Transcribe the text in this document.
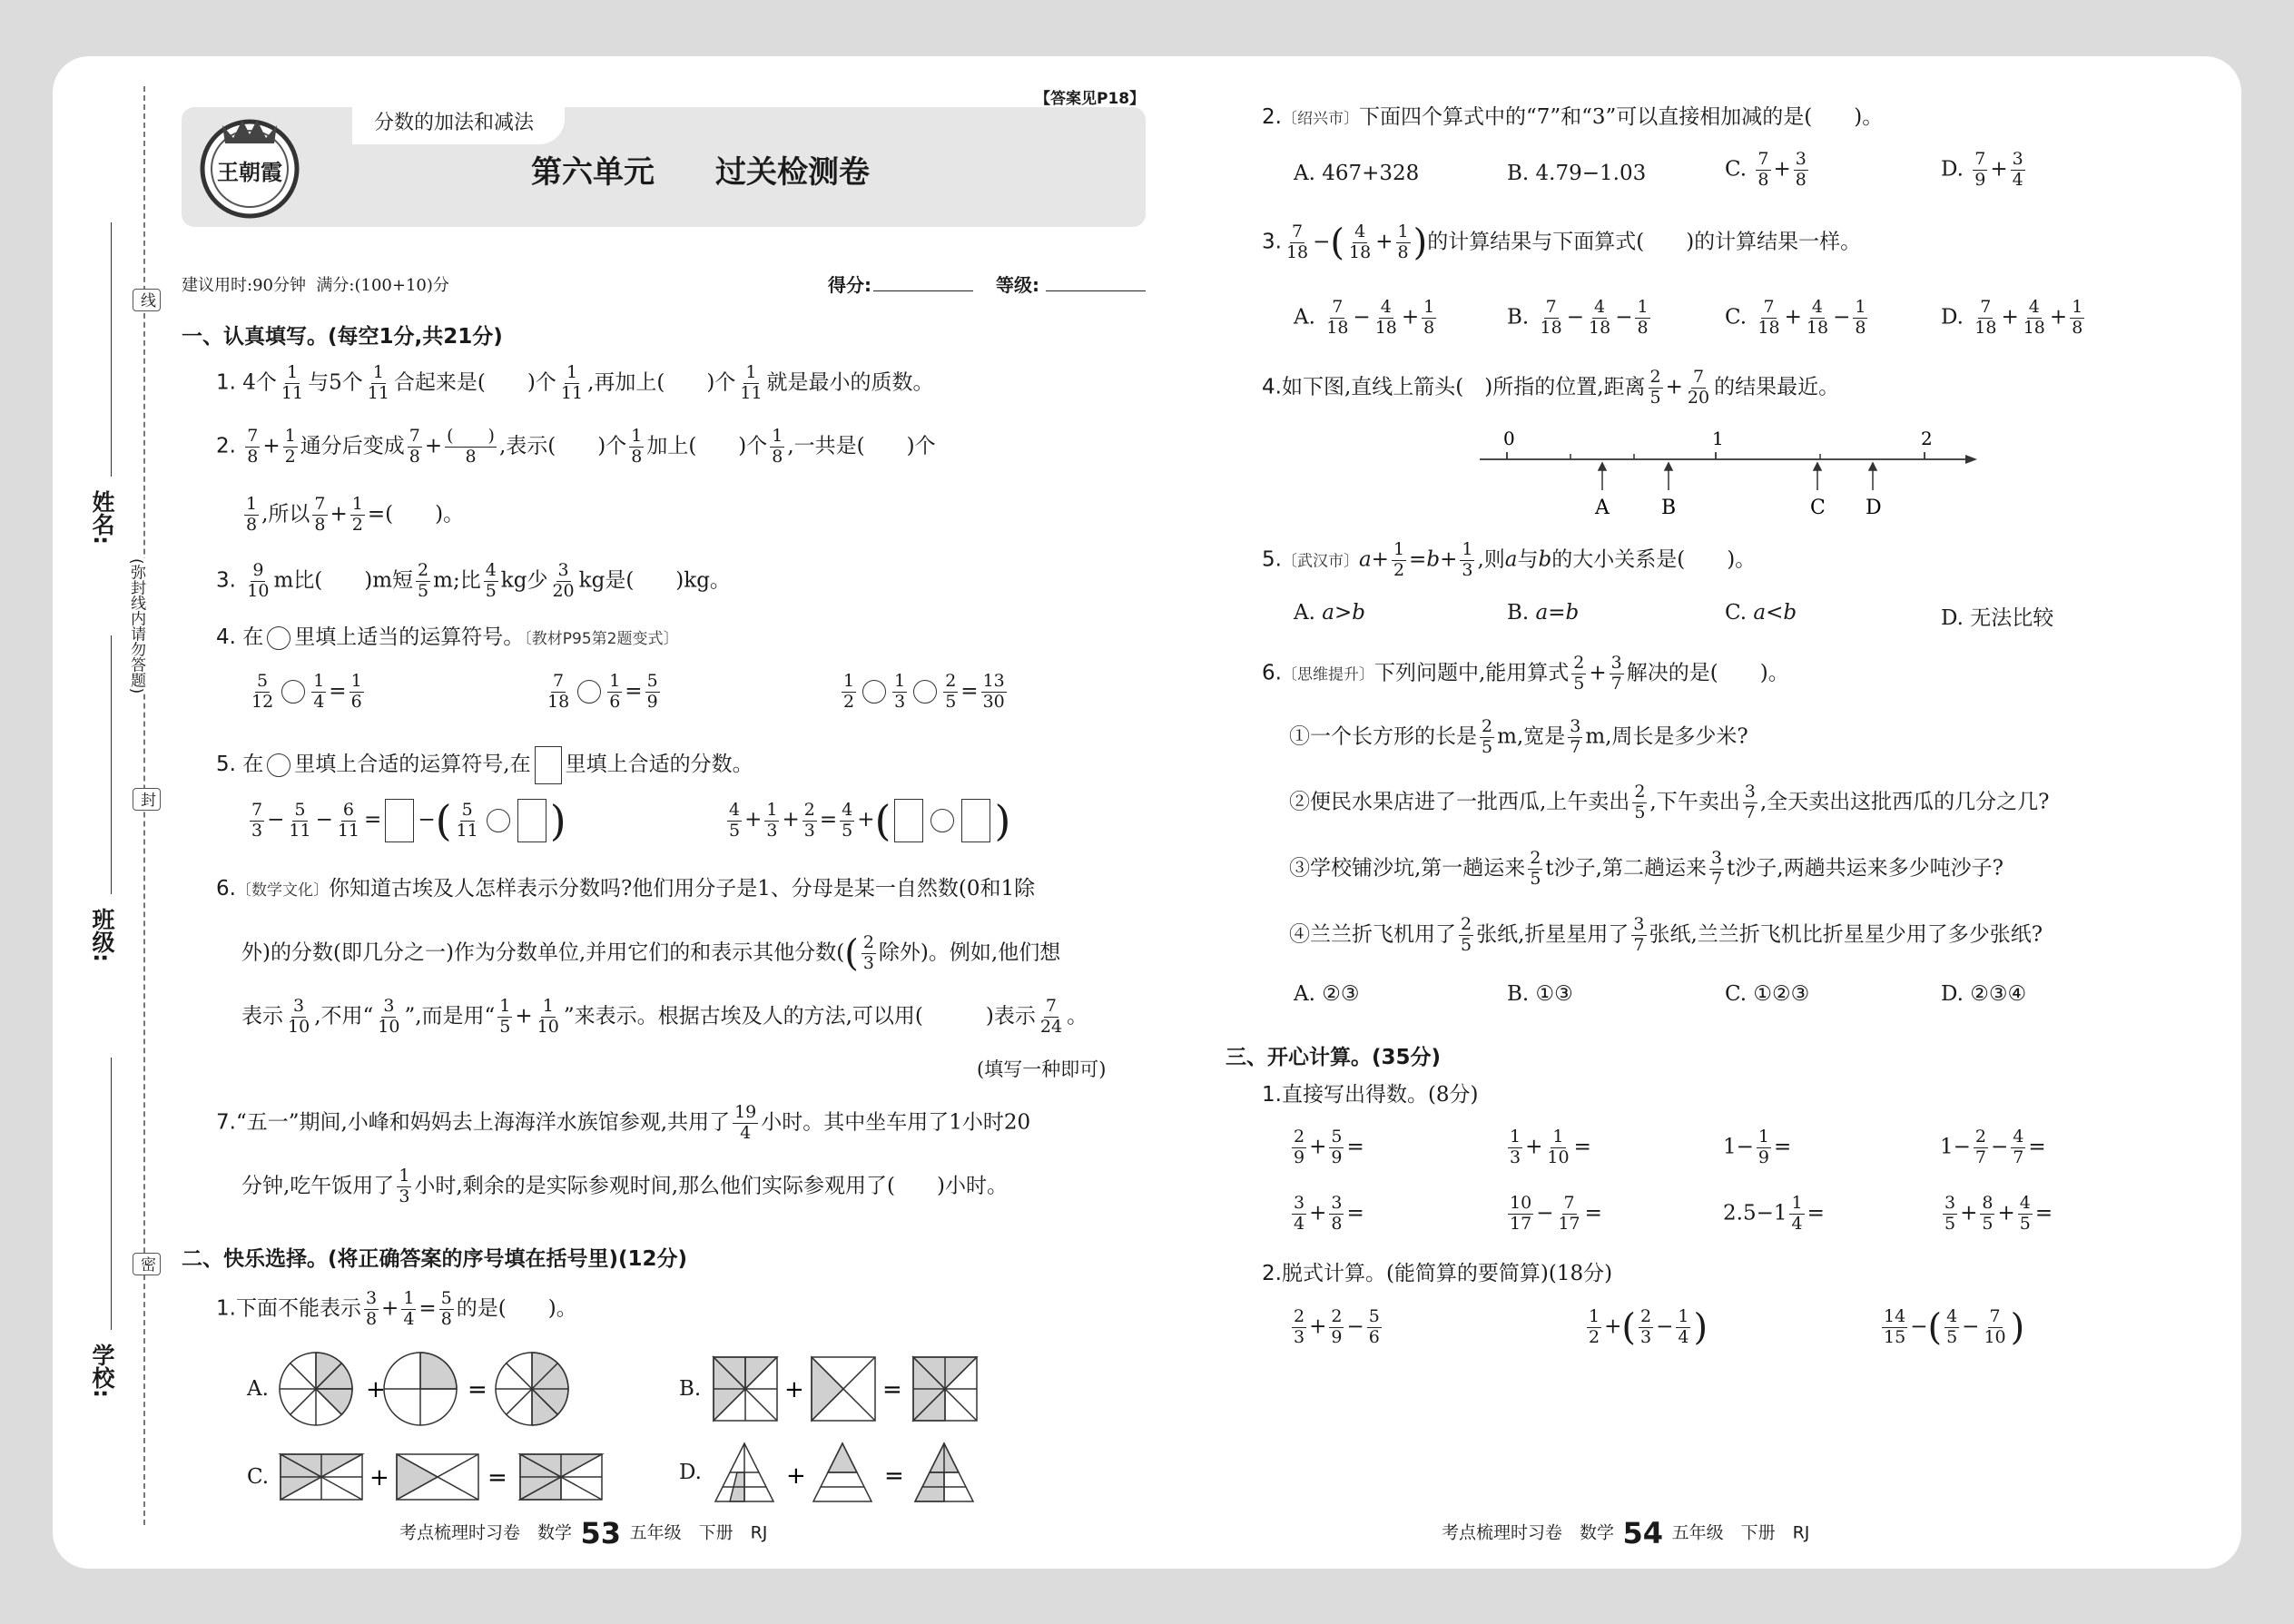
线
(弥封线内请勿答题)
封
密
姓名:
班级:
学校:
分数的加法和减法
【答案见P18】
王朝霞	第六单元 过关检测卷
建议用时:90分钟 满分:(100+10)分	得分:	等级:
一、认真填写。(每空1分,共21分)
1. 4个 $\frac{1}{11}$ 与5个 $\frac{1}{11}$ 合起来是(   )个 $\frac{1}{11}$ ,再加上(   )个 $\frac{1}{11}$ 就是最小的质数。
2. $\frac{7}{8} + \frac{1}{2}$ 通分后变成 $\frac{7}{8}$ + (  )
8 ,表示(   )个 $\frac{1}{8}$ 加上(   )个 $\frac{1}{8}$ ,一共是(   )个
$\frac{1}{8}$ ,所以 $\frac{7}{8} + \frac{1}{2}$ =(   )。
3. $\frac{9}{10}$ m比(   )m短 $\frac{2}{5} m$;比 $\frac{4}{5}$ kg少 $\frac{3}{20}$ kg是(   )kg。
4. 在 里填上适当的运算符号。〔教材P95第2题变式〕
$\frac{5}{12} \frac{1}{4} = \frac{1}{6}$	$\frac{7}{18} \frac{1}{6} = \frac{5}{9}$	$\frac{1}{2} \frac{1}{3} \frac{2}{5} = \frac{13}{30}$
5. 在 里填上合适的运算符号,在 里填上合适的分数。
$\frac{7}{3} - \frac{5}{11} - \frac{6}{11}$ = −( $\frac{5}{11}$ )	$\frac{4}{5} + \frac{1}{3} + \frac{2}{3} = \frac{4}{5}$ +( )
6.〔数学文化〕你知道古埃及人怎样表示分数吗?他们用分子是1、分母是某一自然数(0和1除
外)的分数(即几分之一)作为分数单位,并用它们的和表示其他分数(( $\frac{2}{3}$ 除外)。例如,他们想
表示 $\frac{3}{10}$ ,不用“ $\frac{3}{10}$ ”,而是用“ $\frac{1}{5} + \frac{1}{10}$ ”来表示。根据古埃及人的方法,可以用(   	)表示 $\frac{7}{24}$ 。
(填写一种即可)
7.“五一”期间,小峰和妈妈去上海海洋水族馆参观,共用了 $\frac{19}{4}$ 小时。其中坐车用了1小时20
分钟,吃午饭用了 $\frac{1}{3}$ 小时,剩余的是实际参观时间,那么他们实际参观用了(   )小时。
二、快乐选择。(将正确答案的序号填在括号里)(12分)
1.下面不能表示 $\frac{3}{8} + \frac{1}{4} = \frac{5}{8}$ 的是(   )。
A.	+	=	B.	+	=
C.	+	=	D.	+	=
考点梳理时习卷  数学  53  五年级  下册  RJ
2.〔绍兴市〕下面四个算式中的“7”和“3”可以直接相加减的是(   )。
A. 467+328	B. 4.79−1.03	C. $\frac{7}{8} + \frac{3}{8}$	D. $\frac{7}{9} + \frac{3}{4}$
3. $\frac{7}{18}$ −( $\frac{4}{18} + \frac{1}{8}$ )的计算结果与下面算式(   )的计算结果一样。
A. $\frac{7}{18} - \frac{4}{18} + \frac{1}{8}$	B. $\frac{7}{18} - \frac{4}{18} - \frac{1}{8}$	C. $\frac{7}{18} + \frac{4}{18} - \frac{1}{8}$	D. $\frac{7}{18} + \frac{4}{18} + \frac{1}{8}$
4.如下图,直线上箭头(  )所指的位置,距离 $\frac{2}{5} + \frac{7}{20}$ 的结果最近。
0	1	2
A	B	C D
5.〔武汉市〕$a+ \frac{1}{2} =b+ \frac{1}{3}$ ,则a与b的大小关系是(   )。
A. a>b	B. a=b	C. a<b	D. 无法比较
6.〔思维提升〕下列问题中,能用算式 $\frac{2}{5} + \frac{3}{7}$ 解决的是(   )。
①一个长方形的长是 $\frac{2}{5} m$,宽是 $\frac{3}{7} m$,周长是多少米?
②便民水果店进了一批西瓜,上午卖出 $\frac{2}{5}$ ,下午卖出 $\frac{3}{7}$ ,全天卖出这批西瓜的几分之几?
③学校铺沙坑,第一趟运来 $\frac{2}{5}$ t沙子,第二趟运来 $\frac{3}{7}$ t沙子,两趟共运来多少吨沙子?
④兰兰折飞机用了 $\frac{2}{5}$ 张纸,折星星用了 $\frac{3}{7}$ 张纸,兰兰折飞机比折星星少用了多少张纸?
A. ②③	B. ①③	C. ①②③	D. ②③④
三、开心计算。(35分)
1.直接写出得数。(8分)
$\frac{2}{9} + \frac{5}{9}$ =	$\frac{1}{3} + \frac{1}{10}$ =	$1- \frac{1}{9}$ =	$1- \frac{2}{7} - \frac{4}{7}$ =
$\frac{3}{4} + \frac{3}{8}$ =	$\frac{10}{17} - \frac{7}{17}$ =	$2.5-1 \frac{1}{4}$ =	$\frac{3}{5} + \frac{8}{5} + \frac{4}{5}$ =
2.脱式计算。(能简算的要简算)(18分)
$\frac{2}{3} + \frac{2}{9} - \frac{5}{6}$	$\frac{1}{2}$ +( $\frac{2}{3} - \frac{1}{4}$ )	$\frac{14}{15}$ −( $\frac{4}{5} - \frac{7}{10}$ )
考点梳理时习卷  数学  54  五年级  下册  RJ
